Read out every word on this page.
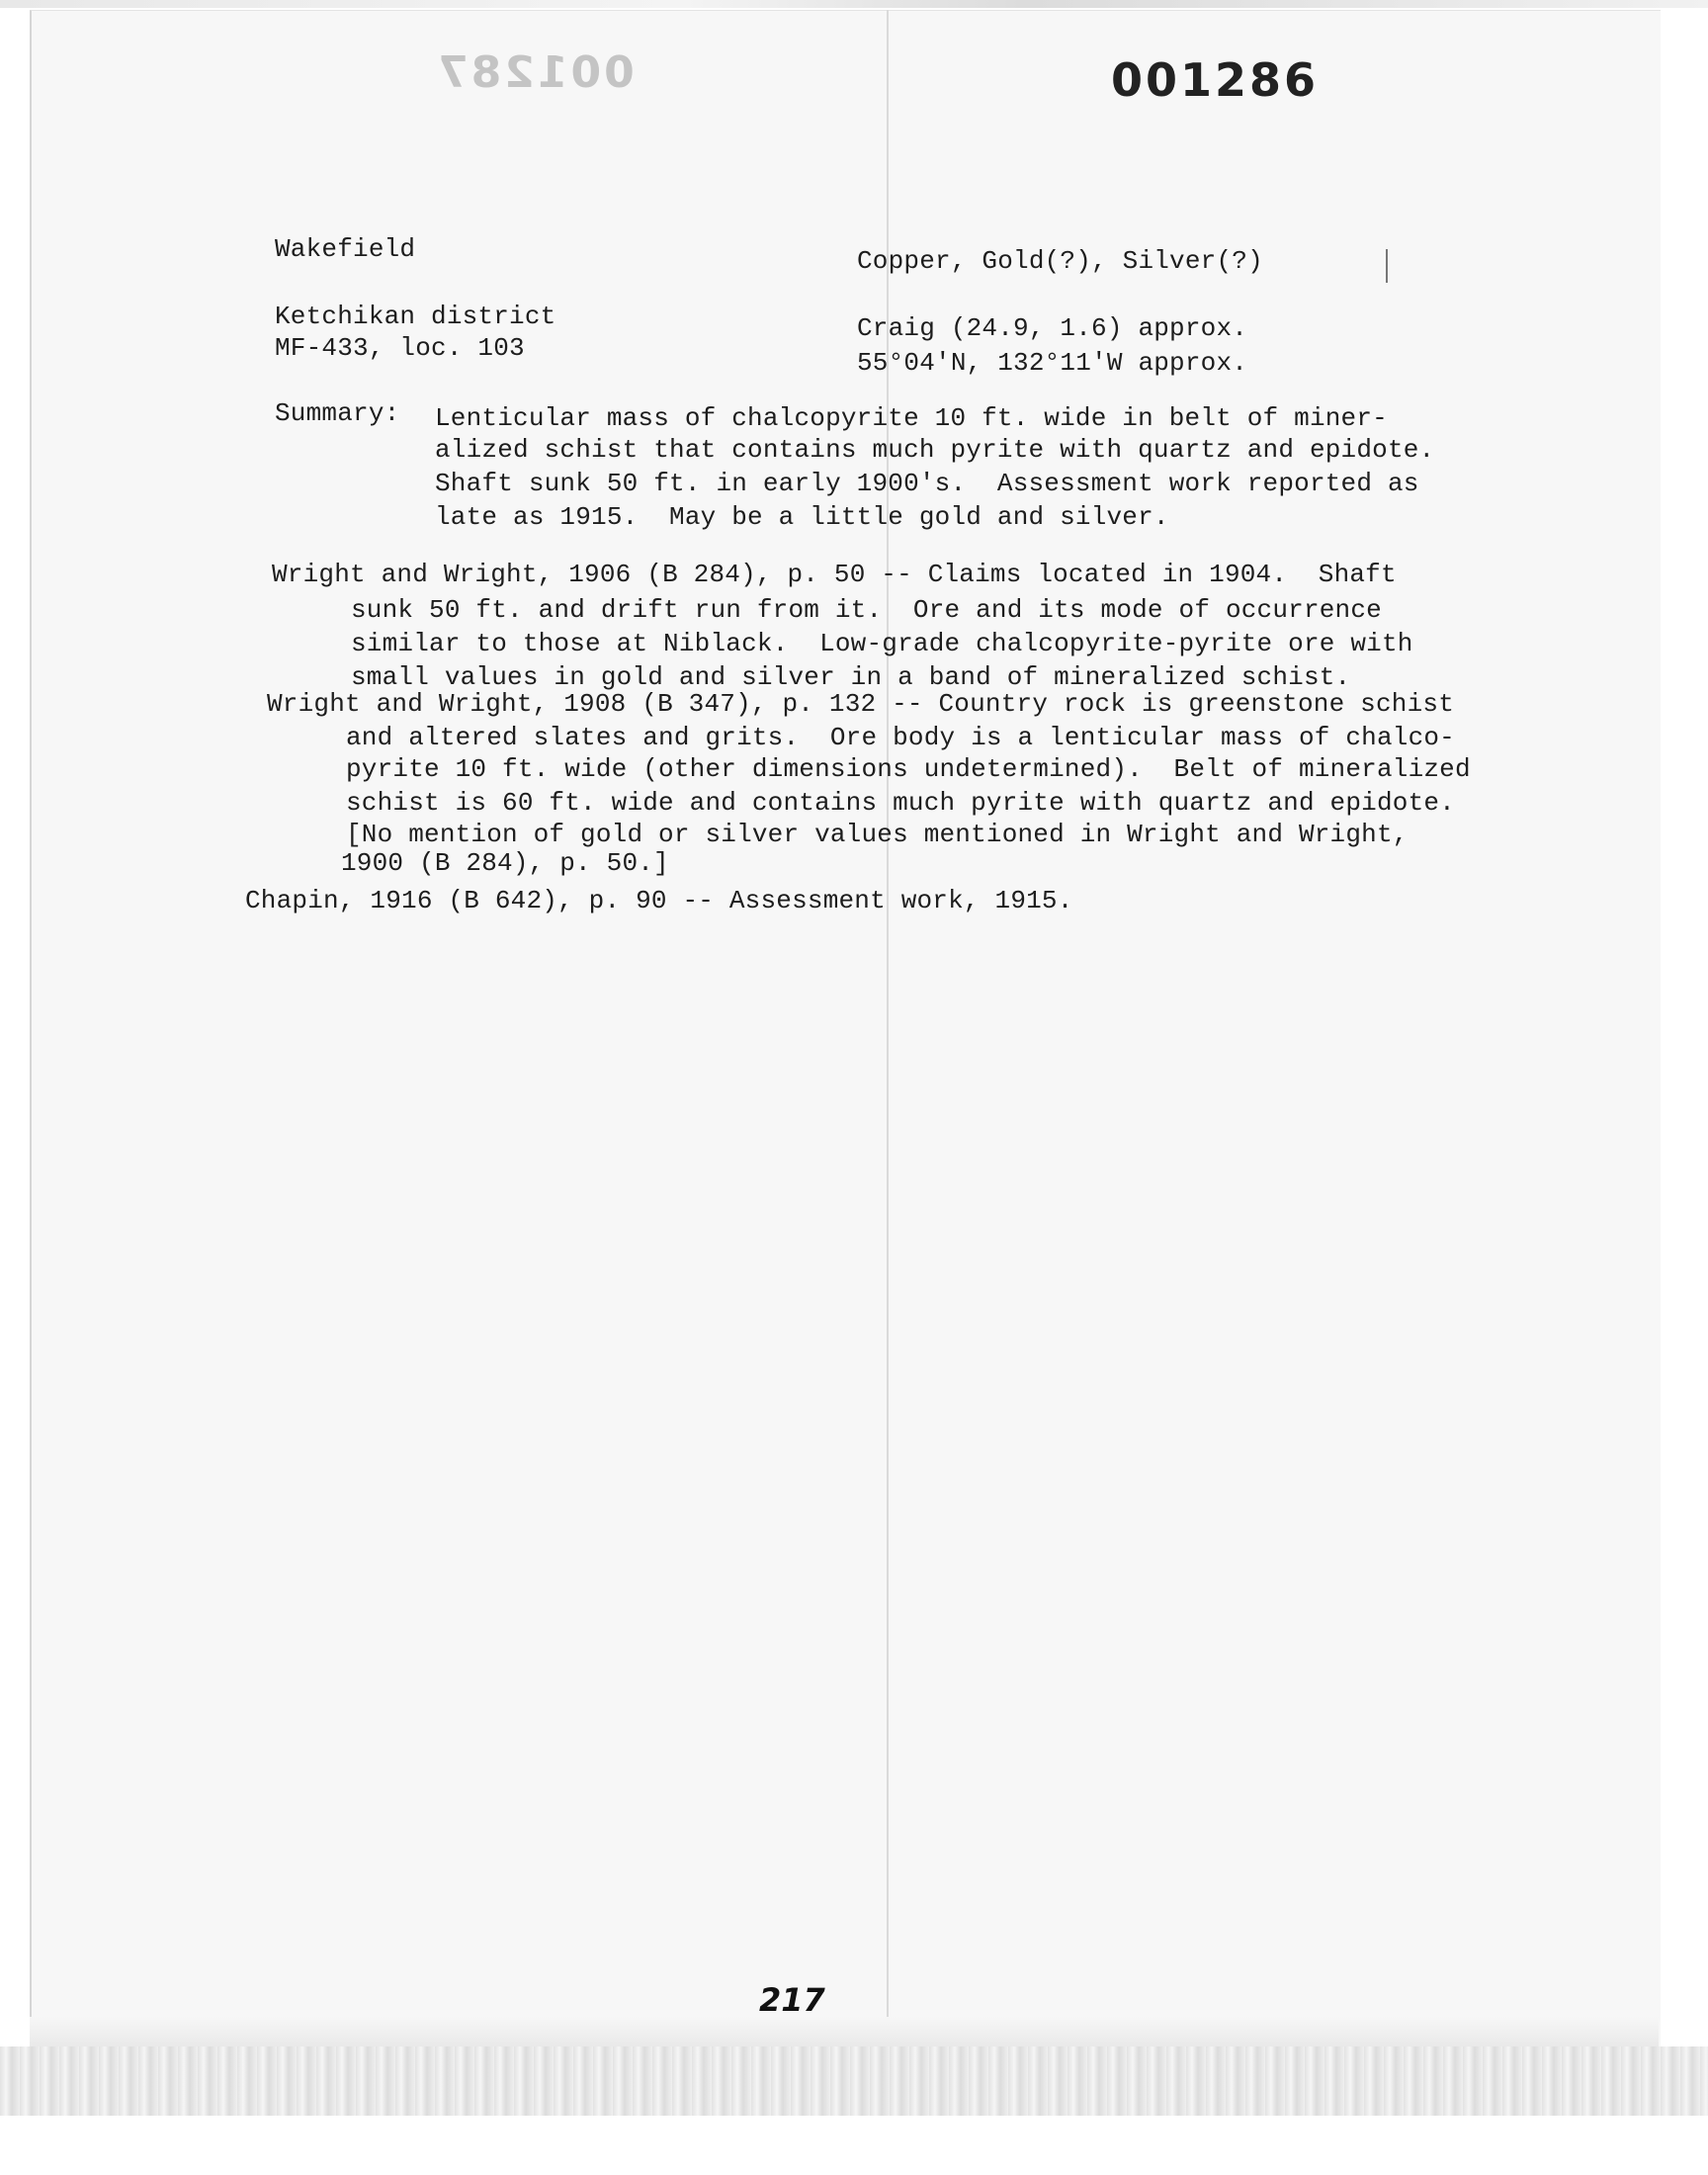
001287	001286
Wakefield	Copper, Gold(?), Silver(?)
Ketchikan district
MF-433, loc. 103
Craig (24.9, 1.6) approx.
55°04'N, 132°11'W approx.
Summary: Lenticular mass of chalcopyrite 10 ft. wide in belt of miner-
alized schist that contains much pyrite with quartz and epidote.
Shaft sunk 50 ft. in early 1900's.  Assessment work reported as
late as 1915.  May be a little gold and silver.
Wright and Wright, 1906 (B 284), p. 50 -- Claims located in 1904.  Shaft
sunk 50 ft. and drift run from it.  Ore and its mode of occurrence
similar to those at Niblack.  Low-grade chalcopyrite-pyrite ore with
small values in gold and silver in a band of mineralized schist.
Wright and Wright, 1908 (B 347), p. 132 -- Country rock is greenstone schist
and altered slates and grits.  Ore body is a lenticular mass of chalco-
pyrite 10 ft. wide (other dimensions undetermined).  Belt of mineralized
schist is 60 ft. wide and contains much pyrite with quartz and epidote.
[No mention of gold or silver values mentioned in Wright and Wright,
1900 (B 284), p. 50.]
Chapin, 1916 (B 642), p. 90 -- Assessment work, 1915.
217
